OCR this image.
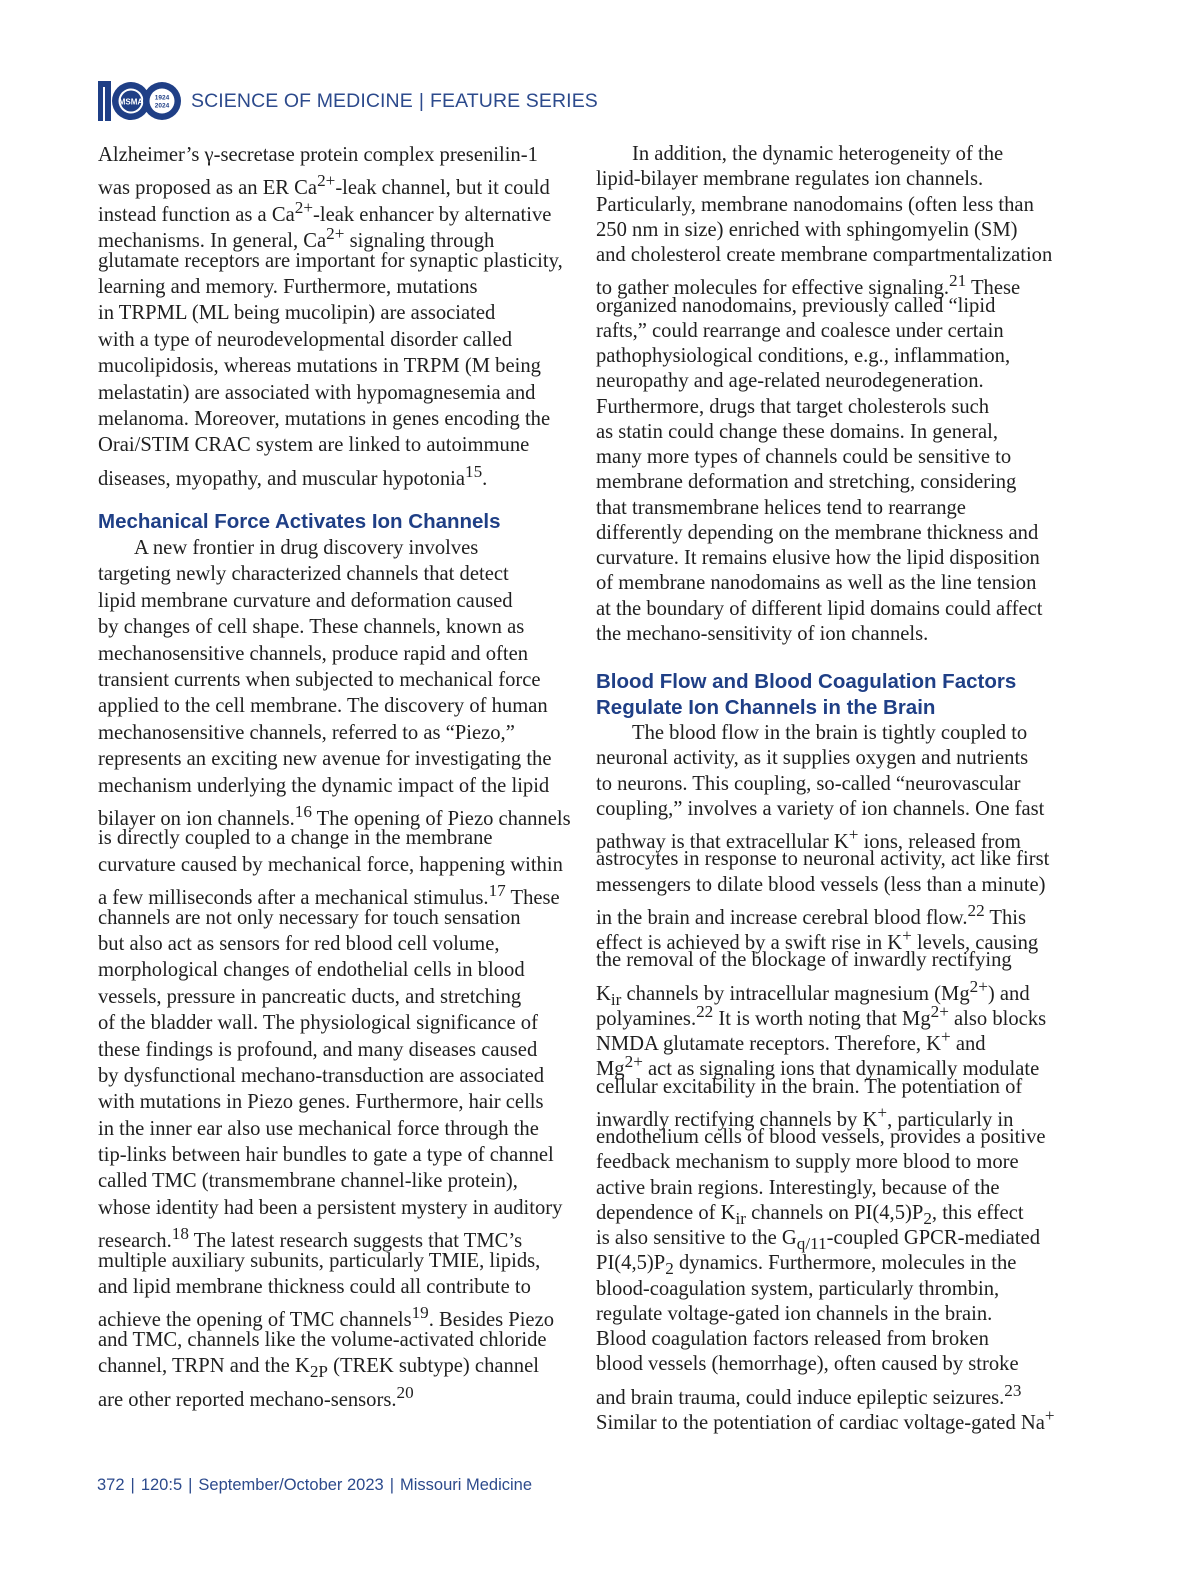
MSMA 1924
2024 SCIENCE OF MEDICINE | FEATURE SERIES
Alzheimer’s γ-secretase protein complex presenilin-1
was proposed as an ER $Ca^{2+}$-leak channel, but it could
instead function as a $Ca^{2+}$-leak enhancer by alternative
mechanisms. In general, $Ca^{2+}$ signaling through
glutamate receptors are important for synaptic plasticity,
learning and memory. Furthermore, mutations
in TRPML (ML being mucolipin) are associated
with a type of neurodevelopmental disorder called
mucolipidosis, whereas mutations in TRPM (M being
melastatin) are associated with hypomagnesemia and
melanoma. Moreover, mutations in genes encoding the
Orai/STIM CRAC system are linked to autoimmune
diseases, myopathy, and muscular hypotonia$^{15}$.
Mechanical Force Activates Ion Channels
A new frontier in drug discovery involves
targeting newly characterized channels that detect
lipid membrane curvature and deformation caused
by changes of cell shape. These channels, known as
mechanosensitive channels, produce rapid and often
transient currents when subjected to mechanical force
applied to the cell membrane. The discovery of human
mechanosensitive channels, referred to as “Piezo,”
represents an exciting new avenue for investigating the
mechanism underlying the dynamic impact of the lipid
bilayer on ion channels.$^{16}$ The opening of Piezo channels
is directly coupled to a change in the membrane
curvature caused by mechanical force, happening within
a few milliseconds after a mechanical stimulus.$^{17}$ These
channels are not only necessary for touch sensation
but also act as sensors for red blood cell volume,
morphological changes of endothelial cells in blood
vessels, pressure in pancreatic ducts, and stretching
of the bladder wall. The physiological significance of
these findings is profound, and many diseases caused
by dysfunctional mechano-transduction are associated
with mutations in Piezo genes. Furthermore, hair cells
in the inner ear also use mechanical force through the
tip-links between hair bundles to gate a type of channel
called TMC (transmembrane channel-like protein),
whose identity had been a persistent mystery in auditory
research.$^{18}$ The latest research suggests that TMC’s
multiple auxiliary subunits, particularly TMIE, lipids,
and lipid membrane thickness could all contribute to
achieve the opening of TMC channels$^{19}$. Besides Piezo
and TMC, channels like the volume-activated chloride
channel, TRPN and the $K_{2P}$ (TREK subtype) channel
are other reported mechano-sensors.$^{20}$
In addition, the dynamic heterogeneity of the
lipid-bilayer membrane regulates ion channels.
Particularly, membrane nanodomains (often less than
250 nm in size) enriched with sphingomyelin (SM)
and cholesterol create membrane compartmentalization
to gather molecules for effective signaling.$^{21}$ These
organized nanodomains, previously called “lipid
rafts,” could rearrange and coalesce under certain
pathophysiological conditions, e.g., inflammation,
neuropathy and age-related neurodegeneration.
Furthermore, drugs that target cholesterols such
as statin could change these domains. In general,
many more types of channels could be sensitive to
membrane deformation and stretching, considering
that transmembrane helices tend to rearrange
differently depending on the membrane thickness and
curvature. It remains elusive how the lipid disposition
of membrane nanodomains as well as the line tension
at the boundary of different lipid domains could affect
the mechano-sensitivity of ion channels.
Blood Flow and Blood Coagulation Factors
Regulate Ion Channels in the Brain
The blood flow in the brain is tightly coupled to
neuronal activity, as it supplies oxygen and nutrients
to neurons. This coupling, so-called “neurovascular
coupling,” involves a variety of ion channels. One fast
pathway is that extracellular K+ ions, released from
astrocytes in response to neuronal activity, act like first
messengers to dilate blood vessels (less than a minute)
in the brain and increase cerebral blood flow.$^{22}$ This
effect is achieved by a swift rise in K+ levels, causing
the removal of the blockage of inwardly rectifying
$K_{ir}$ channels by intracellular magnesium $(Mg^{2+})$ and
polyamines.$^{22}$ It is worth noting that $Mg^{2+}$ also blocks
NMDA glutamate receptors. Therefore, K+ and
$Mg^{2+}$ act as signaling ions that dynamically modulate
cellular excitability in the brain. The potentiation of
inwardly rectifying channels by K+, particularly in
endothelium cells of blood vessels, provides a positive
feedback mechanism to supply more blood to more
active brain regions. Interestingly, because of the
dependence of $K_{ir}$ channels on $PI(4,5)P_2$, this effect
is also sensitive to the $G_{q/11}$-coupled GPCR-mediated
$PI(4,5)P_2$ dynamics. Furthermore, molecules in the
blood-coagulation system, particularly thrombin,
regulate voltage-gated ion channels in the brain.
Blood coagulation factors released from broken
blood vessels (hemorrhage), often caused by stroke
and brain trauma, could induce epileptic seizures.$^{23}$
Similar to the potentiation of cardiac voltage-gated Na+
372 | 120:5 | September/October 2023 | Missouri Medicine
